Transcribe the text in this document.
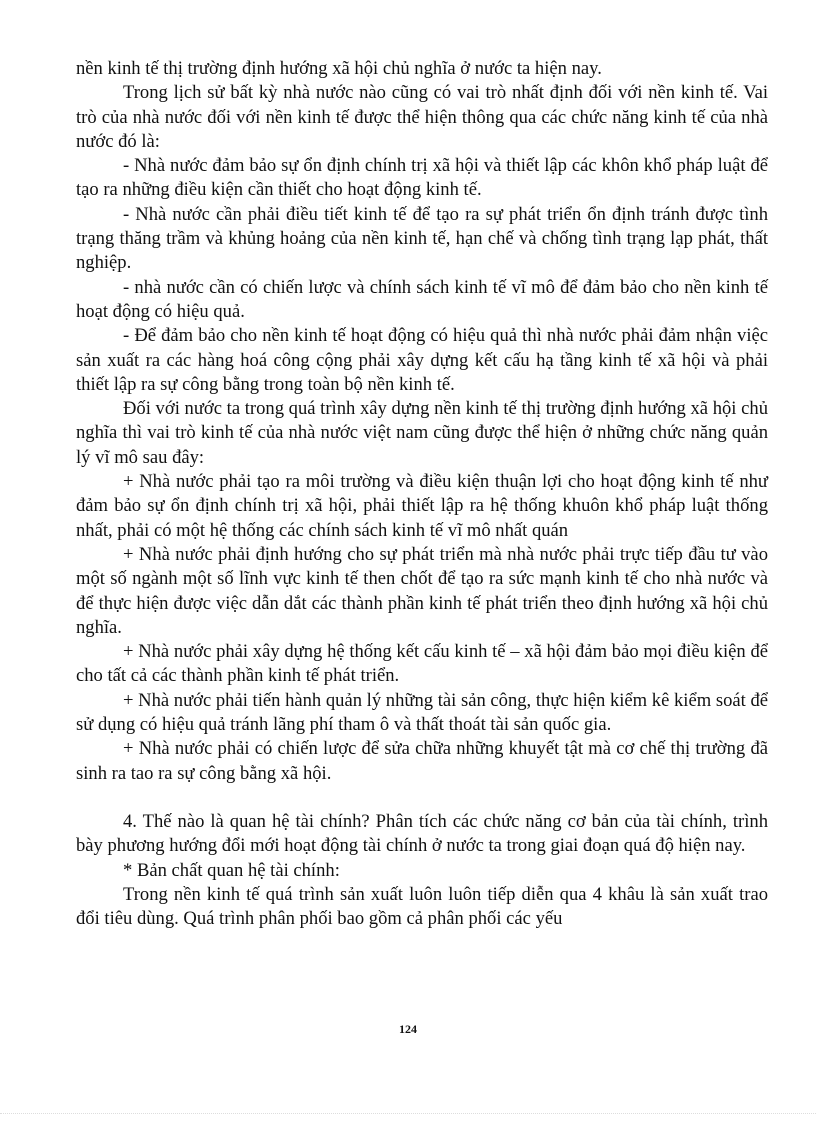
nền kinh tế thị trường định hướng xã hội chủ nghĩa ở nước ta hiện nay.

Trong lịch sử bất kỳ nhà nước nào cũng có vai trò nhất định đối với nền kinh tế. Vai trò của nhà nước đối với nền kinh tế được thể hiện thông qua các chức năng kinh tế của nhà nước đó là:

- Nhà nước đảm bảo sự ổn định chính trị xã hội và thiết lập các khôn khổ pháp luật để tạo ra những điều kiện cần thiết cho hoạt động kinh tế.

- Nhà nước cần phải điều tiết kinh tế để tạo ra sự phát triển ổn định tránh được tình trạng thăng trầm và khủng hoảng của nền kinh tế, hạn chế và chống tình trạng lạp phát, thất nghiệp.

- nhà nước cần có chiến lược và chính sách kinh tế vĩ mô để đảm bảo cho nền kinh tế hoạt động có hiệu quả.

- Để đảm bảo cho nền kinh tế hoạt động có hiệu quả thì nhà nước phải đảm nhận việc sản xuất ra các hàng hoá công cộng phải xây dựng kết cấu hạ tầng kinh tế xã hội và phải thiết lập ra sự công bằng trong toàn bộ nền kinh tế.

Đối với nước ta trong quá trình xây dựng nền kinh tế thị trường định hướng xã hội chủ nghĩa thì vai trò kinh tế của nhà nước việt nam cũng được thể hiện ở những chức năng quản lý vĩ mô sau đây:

+ Nhà nước phải tạo ra môi trường và điều kiện thuận lợi cho hoạt động kinh tế như đảm bảo sự ổn định chính trị xã hội, phải thiết lập ra hệ thống khuôn khổ pháp luật thống nhất, phải có một hệ thống các chính sách kinh tế vĩ mô nhất quán

+ Nhà nước phải định hướng cho sự phát triển mà nhà nước phải trực tiếp đầu tư vào một số ngành một số lĩnh vực kinh tế then chốt để tạo ra sức mạnh kinh tế cho nhà nước và để thực hiện được việc dẫn dắt các thành phần kinh tế phát triển theo định hướng xã hội chủ nghĩa.

+ Nhà nước phải xây dựng hệ thống kết cấu kinh tế – xã hội đảm bảo mọi điều kiện để cho tất cả các thành phần kinh tế phát triển.

+ Nhà nước phải tiến hành quản lý những tài sản công, thực hiện kiểm kê kiểm soát để sử dụng có hiệu quả tránh lãng phí tham ô và thất thoát tài sản quốc gia.

+ Nhà nước phải có chiến lược để sửa chữa những khuyết tật mà cơ chế thị trường đã sinh ra tao ra sự công bằng xã hội.

4. Thế nào là quan hệ tài chính? Phân tích các chức năng cơ bản của tài chính, trình bày phương hướng đổi mới hoạt động tài chính ở nước ta trong giai đoạn quá độ hiện nay.

* Bản chất quan hệ tài chính:

Trong nền kinh tế quá trình sản xuất luôn luôn tiếp diễn qua 4 khâu là sản xuất trao đổi tiêu dùng. Quá trình phân phối bao gồm cả phân phối các yếu

124
